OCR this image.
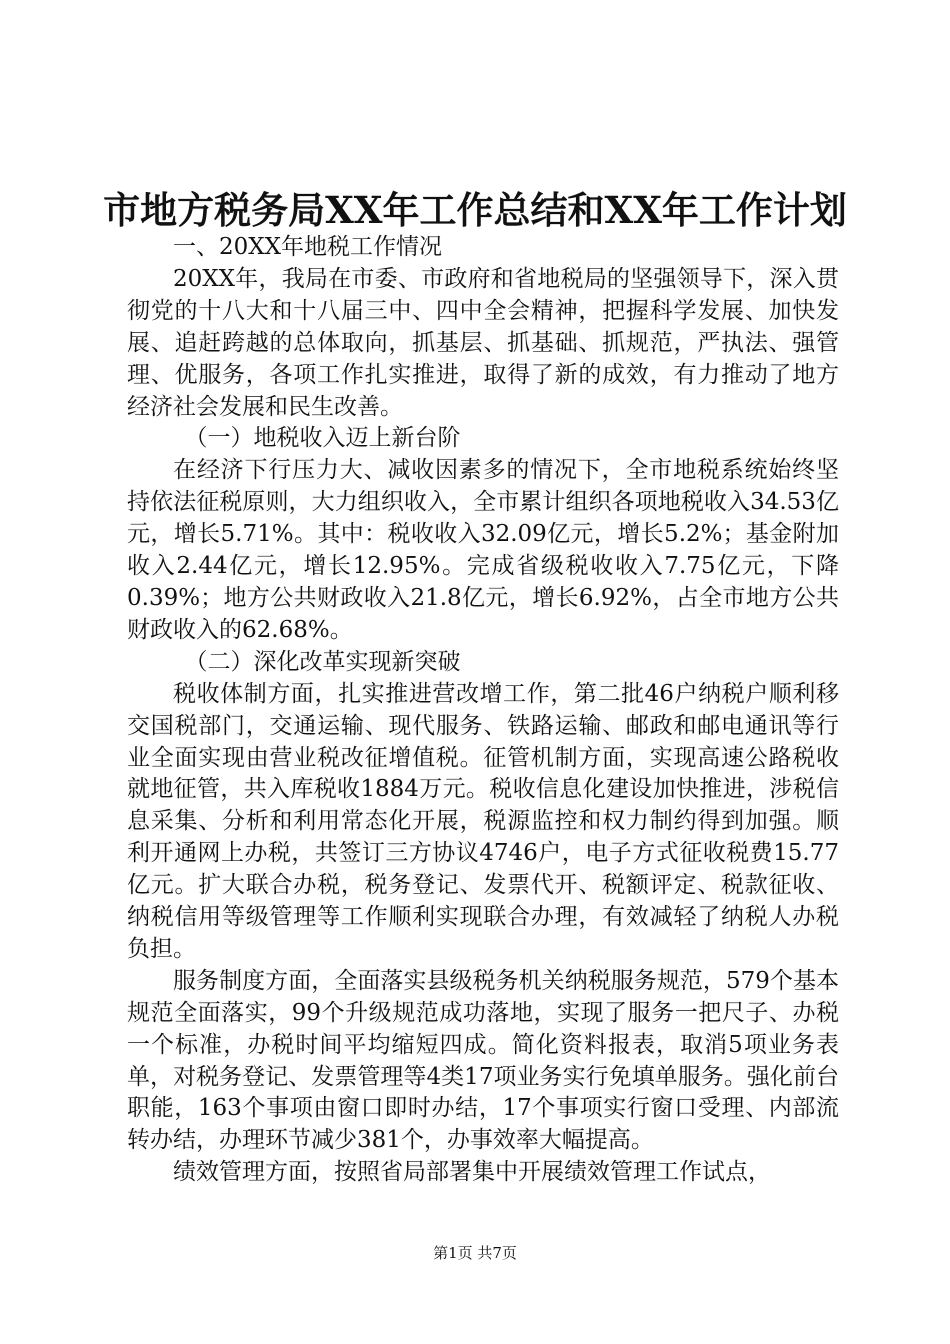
市地方税务局XX年工作总结和XX年工作计划

一、20XX年地税工作情况

20XX年，我局在市委、市政府和省地税局的坚强领导下，深入贯彻党的十八大和十八届三中、四中全会精神，把握科学发展、加快发展、追赶跨越的总体取向，抓基层、抓基础、抓规范，严执法、强管理、优服务，各项工作扎实推进，取得了新的成效，有力推动了地方经济社会发展和民生改善。

（一）地税收入迈上新台阶

在经济下行压力大、减收因素多的情况下，全市地税系统始终坚持依法征税原则，大力组织收入，全市累计组织各项地税收入34.53亿元，增长5.71%。其中：税收收入32.09亿元，增长5.2%；基金附加收入2.44亿元，增长12.95%。完成省级税收收入7.75亿元，下降0.39%；地方公共财政收入21.8亿元，增长6.92%，占全市地方公共财政收入的62.68%。

（二）深化改革实现新突破

税收体制方面，扎实推进营改增工作，第二批46户纳税户顺利移交国税部门，交通运输、现代服务、铁路运输、邮政和邮电通讯等行业全面实现由营业税改征增值税。征管机制方面，实现高速公路税收就地征管，共入库税收1884万元。税收信息化建设加快推进，涉税信息采集、分析和利用常态化开展，税源监控和权力制约得到加强。顺利开通网上办税，共签订三方协议4746户，电子方式征收税费15.77亿元。扩大联合办税，税务登记、发票代开、税额评定、税款征收、纳税信用等级管理等工作顺利实现联合办理，有效减轻了纳税人办税负担。

服务制度方面，全面落实县级税务机关纳税服务规范，579个基本规范全面落实，99个升级规范成功落地，实现了服务一把尺子、办税一个标准，办税时间平均缩短四成。简化资料报表，取消5项业务表单，对税务登记、发票管理等4类17项业务实行免填单服务。强化前台职能，163个事项由窗口即时办结，17个事项实行窗口受理、内部流转办结，办理环节减少381个，办事效率大幅提高。

绩效管理方面，按照省局部署集中开展绩效管理工作试点，

第1页 共7页
